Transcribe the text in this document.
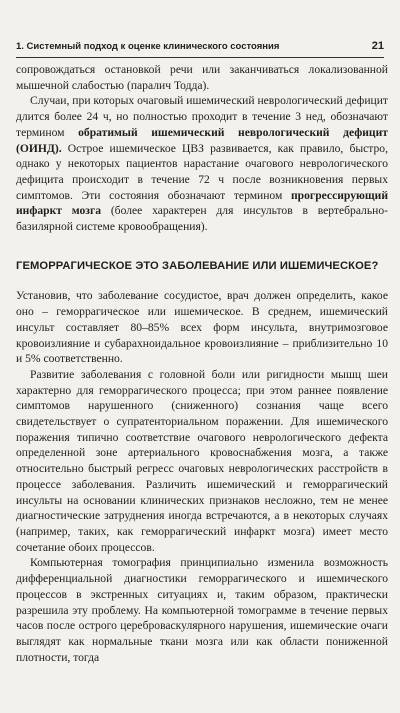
1. Системный подход к оценке клинического состояния	21

сопровождаться остановкой речи или заканчиваться локализованной мышечной слабостью (паралич Тодда).

Случаи, при которых очаговый ишемический неврологический дефицит длится более 24 ч, но полностью проходит в течение 3 нед, обозначают термином обратимый ишемический неврологический дефицит (ОИНД). Острое ишемическое ЦВЗ развивается, как правило, быстро, однако у некоторых пациентов нарастание очагового неврологического дефицита происходит в течение 72 ч после возникновения первых симптомов. Эти состояния обозначают термином прогрессирующий инфаркт мозга (более характерен для инсультов в вертебрально-базилярной системе кровообращения).

ГЕМОРРАГИЧЕСКОЕ ЭТО ЗАБОЛЕВАНИЕ ИЛИ ИШЕМИЧЕСКОЕ?

Установив, что заболевание сосудистое, врач должен определить, какое оно – геморрагическое или ишемическое. В среднем, ишемический инсульт составляет 80–85% всех форм инсульта, внутримозговое кровоизлияние и субарахноидальное кровоизлияние – приблизительно 10 и 5% соответственно.

Развитие заболевания с головной боли или ригидности мышц шеи характерно для геморрагического процесса; при этом раннее появление симптомов нарушенного (сниженного) сознания чаще всего свидетельствует о супратенториальном поражении. Для ишемического поражения типично соответствие очагового неврологического дефекта определенной зоне артериального кровоснабжения мозга, а также относительно быстрый регресс очаговых неврологических расстройств в процессе заболевания. Различить ишемический и геморрагический инсульты на основании клинических признаков несложно, тем не менее диагностические затруднения иногда встречаются, а в некоторых случаях (например, таких, как геморрагический инфаркт мозга) имеет место сочетание обоих процессов.

Компьютерная томография принципиально изменила возможность дифференциальной диагностики геморрагического и ишемического процессов в экстренных ситуациях и, таким образом, практически разрешила эту проблему. На компьютерной томограмме в течение первых часов после острого цереброваскулярного нарушения, ишемические очаги выглядят как нормальные ткани мозга или как области пониженной плотности, тогда
